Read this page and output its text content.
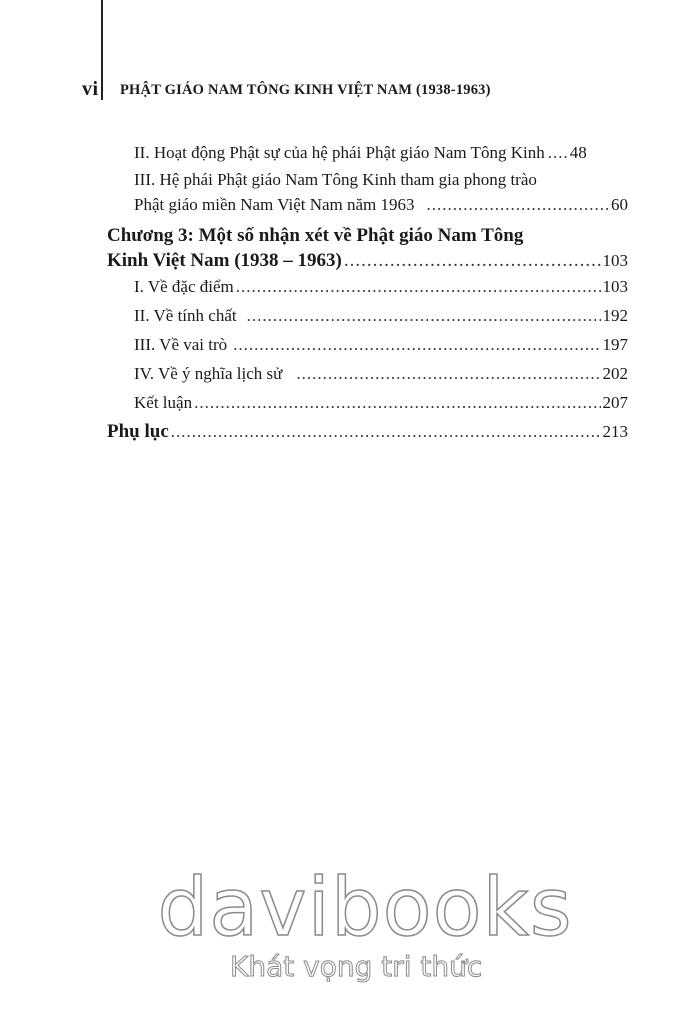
vi PHẬT GIÁO NAM TÔNG KINH VIỆT NAM (1938-1963)
II. Hoạt động Phật sự của hệ phái Phật giáo Nam Tông Kinh ..... 48
III. Hệ phái Phật giáo Nam Tông Kinh tham gia phong trào
Phật giáo miền Nam Việt Nam năm 1963 .....	60
Chương 3: Một số nhận xét về Phật giáo Nam Tông
Kinh Việt Nam (1938 – 1963) .....	103
I. Về đặc điểm .....	103
II. Về tính chất .....	192
III. Về vai trò .....	197
IV. Về ý nghĩa lịch sử .....	202
Kết luận .....	207
Phụ lục .....	213
davibooks
Khát vọng tri thức
